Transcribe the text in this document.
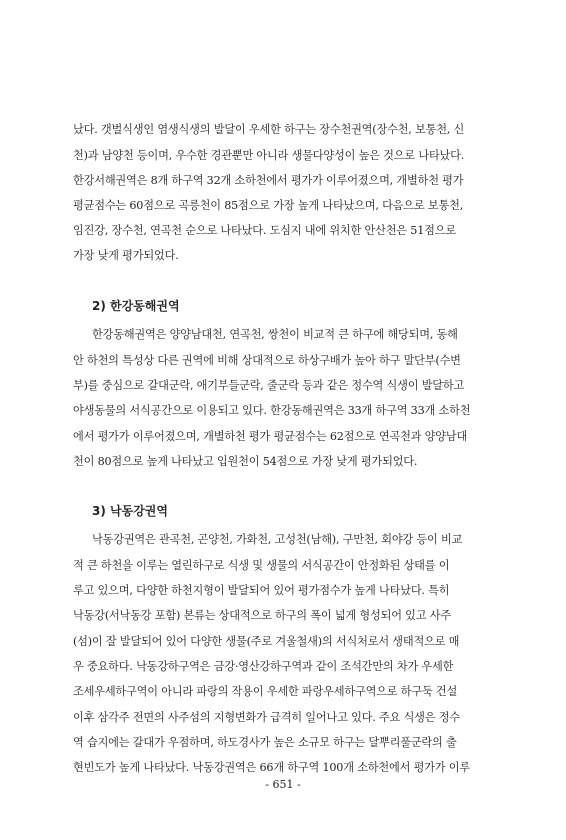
났다. 갯벌식생인 염생식생의 발달이 우세한 하구는 장수천권역(장수천, 보통천, 신
천)과 남양천 등이며, 우수한 경관뿐만 아니라 생물다양성이 높은 것으로 나타났다.
한강서해권역은 8개 하구역 32개 소하천에서 평가가 이루어졌으며, 개별하천 평가
평균점수는 60점으로 곡릉천이 85점으로 가장 높게 나타났으며, 다음으로 보통천,
임진강, 장수천, 연곡천 순으로 나타났다. 도심지 내에 위치한 안산천은 51점으로
가장 낮게 평가되었다.
2) 한강동해권역
한강동해권역은 양양남대천, 연곡천, 쌍천이 비교적 큰 하구에 해당되며, 동해
안 하천의 특성상 다른 권역에 비해 상대적으로 하상구배가 높아 하구 말단부(수변
부)를 중심으로 갈대군락, 애기부들군락, 줄군락 등과 같은 정수역 식생이 발달하고
야생동물의 서식공간으로 이용되고 있다. 한강동해권역은 33개 하구역 33개 소하천
에서 평가가 이루어졌으며, 개별하천 평가 평균점수는 62점으로 연곡천과 양양남대
천이 80점으로 높게 나타났고 입원천이 54점으로 가장 낮게 평가되었다.
3) 낙동강권역
낙동강권역은 관곡천, 곤양천, 가화천, 고성천(남해), 구만천, 회야강 등이 비교
적 큰 하천을 이루는 열린하구로 식생 및 생물의 서식공간이 안정화된 상태를 이
루고 있으며, 다양한 하천지형이 발달되어 있어 평가점수가 높게 나타났다. 특히
낙동강(서낙동강 포함) 본류는 상대적으로 하구의 폭이 넓게 형성되어 있고 사주
(섬)이 잘 발달되어 있어 다양한 생물(주로 겨울철새)의 서식처로서 생태적으로 매
우 중요하다. 낙동강하구역은 금강·영산강하구역과 같이 조석간만의 차가 우세한
조세우세하구역이 아니라 파랑의 작용이 우세한 파랑우세하구역으로 하구둑 건설
이후 삼각주 전면의 사주섬의 지형변화가 급격히 일어나고 있다. 주요 식생은 정수
역 습지에는 갈대가 우점하며, 하도경사가 높은 소규모 하구는 달뿌리풀군락의 출
현빈도가 높게 나타났다. 낙동강권역은 66개 하구역 100개 소하천에서 평가가 이루
- 651 -
